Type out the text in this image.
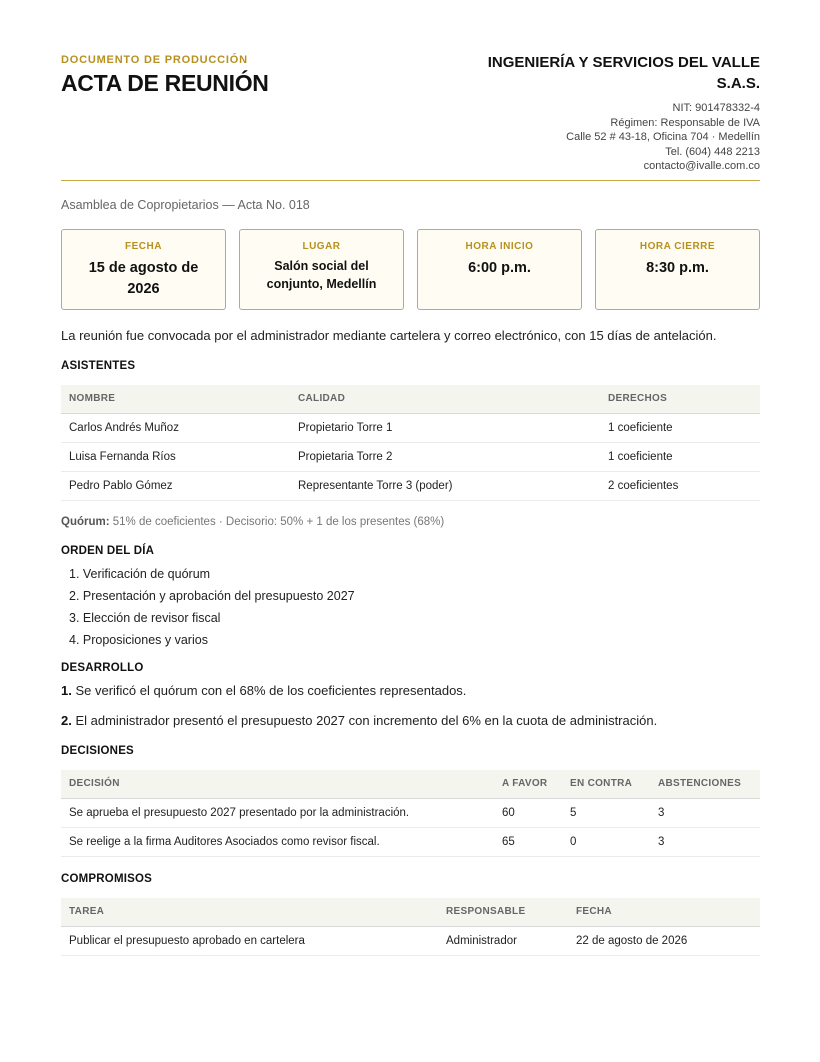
DOCUMENTO DE PRODUCCIÓN
ACTA DE REUNIÓN
INGENIERÍA Y SERVICIOS DEL VALLE S.A.S.
NIT: 901478332-4
Régimen: Responsable de IVA
Calle 52 # 43-18, Oficina 704 · Medellín
Tel. (604) 448 2213
contacto@ivalle.com.co
Asamblea de Copropietarios — Acta No. 018
FECHA
15 de agosto de 2026
LUGAR
Salón social del conjunto, Medellín
HORA INICIO
6:00 p.m.
HORA CIERRE
8:30 p.m.
La reunión fue convocada por el administrador mediante cartelera y correo electrónico, con 15 días de antelación.
ASISTENTES
NOMBRE	CALIDAD	DERECHOS
Carlos Andrés Muñoz	Propietario Torre 1	1 coeficiente
Luisa Fernanda Ríos	Propietaria Torre 2	1 coeficiente
Pedro Pablo Gómez	Representante Torre 3 (poder)	2 coeficientes
Quórum: 51% de coeficientes · Decisorio: 50% + 1 de los presentes (68%)
ORDEN DEL DÍA
1. Verificación de quórum
2. Presentación y aprobación del presupuesto 2027
3. Elección de revisor fiscal
4. Proposiciones y varios
DESARROLLO
1. Se verificó el quórum con el 68% de los coeficientes representados.
2. El administrador presentó el presupuesto 2027 con incremento del 6% en la cuota de administración.
DECISIONES
DECISIÓN	A FAVOR	EN CONTRA	ABSTENCIONES
Se aprueba el presupuesto 2027 presentado por la administración.	60	5	3
Se reelige a la firma Auditores Asociados como revisor fiscal.	65	0	3
COMPROMISOS
TAREA	RESPONSABLE	FECHA
Publicar el presupuesto aprobado en cartelera	Administrador	22 de agosto de 2026
